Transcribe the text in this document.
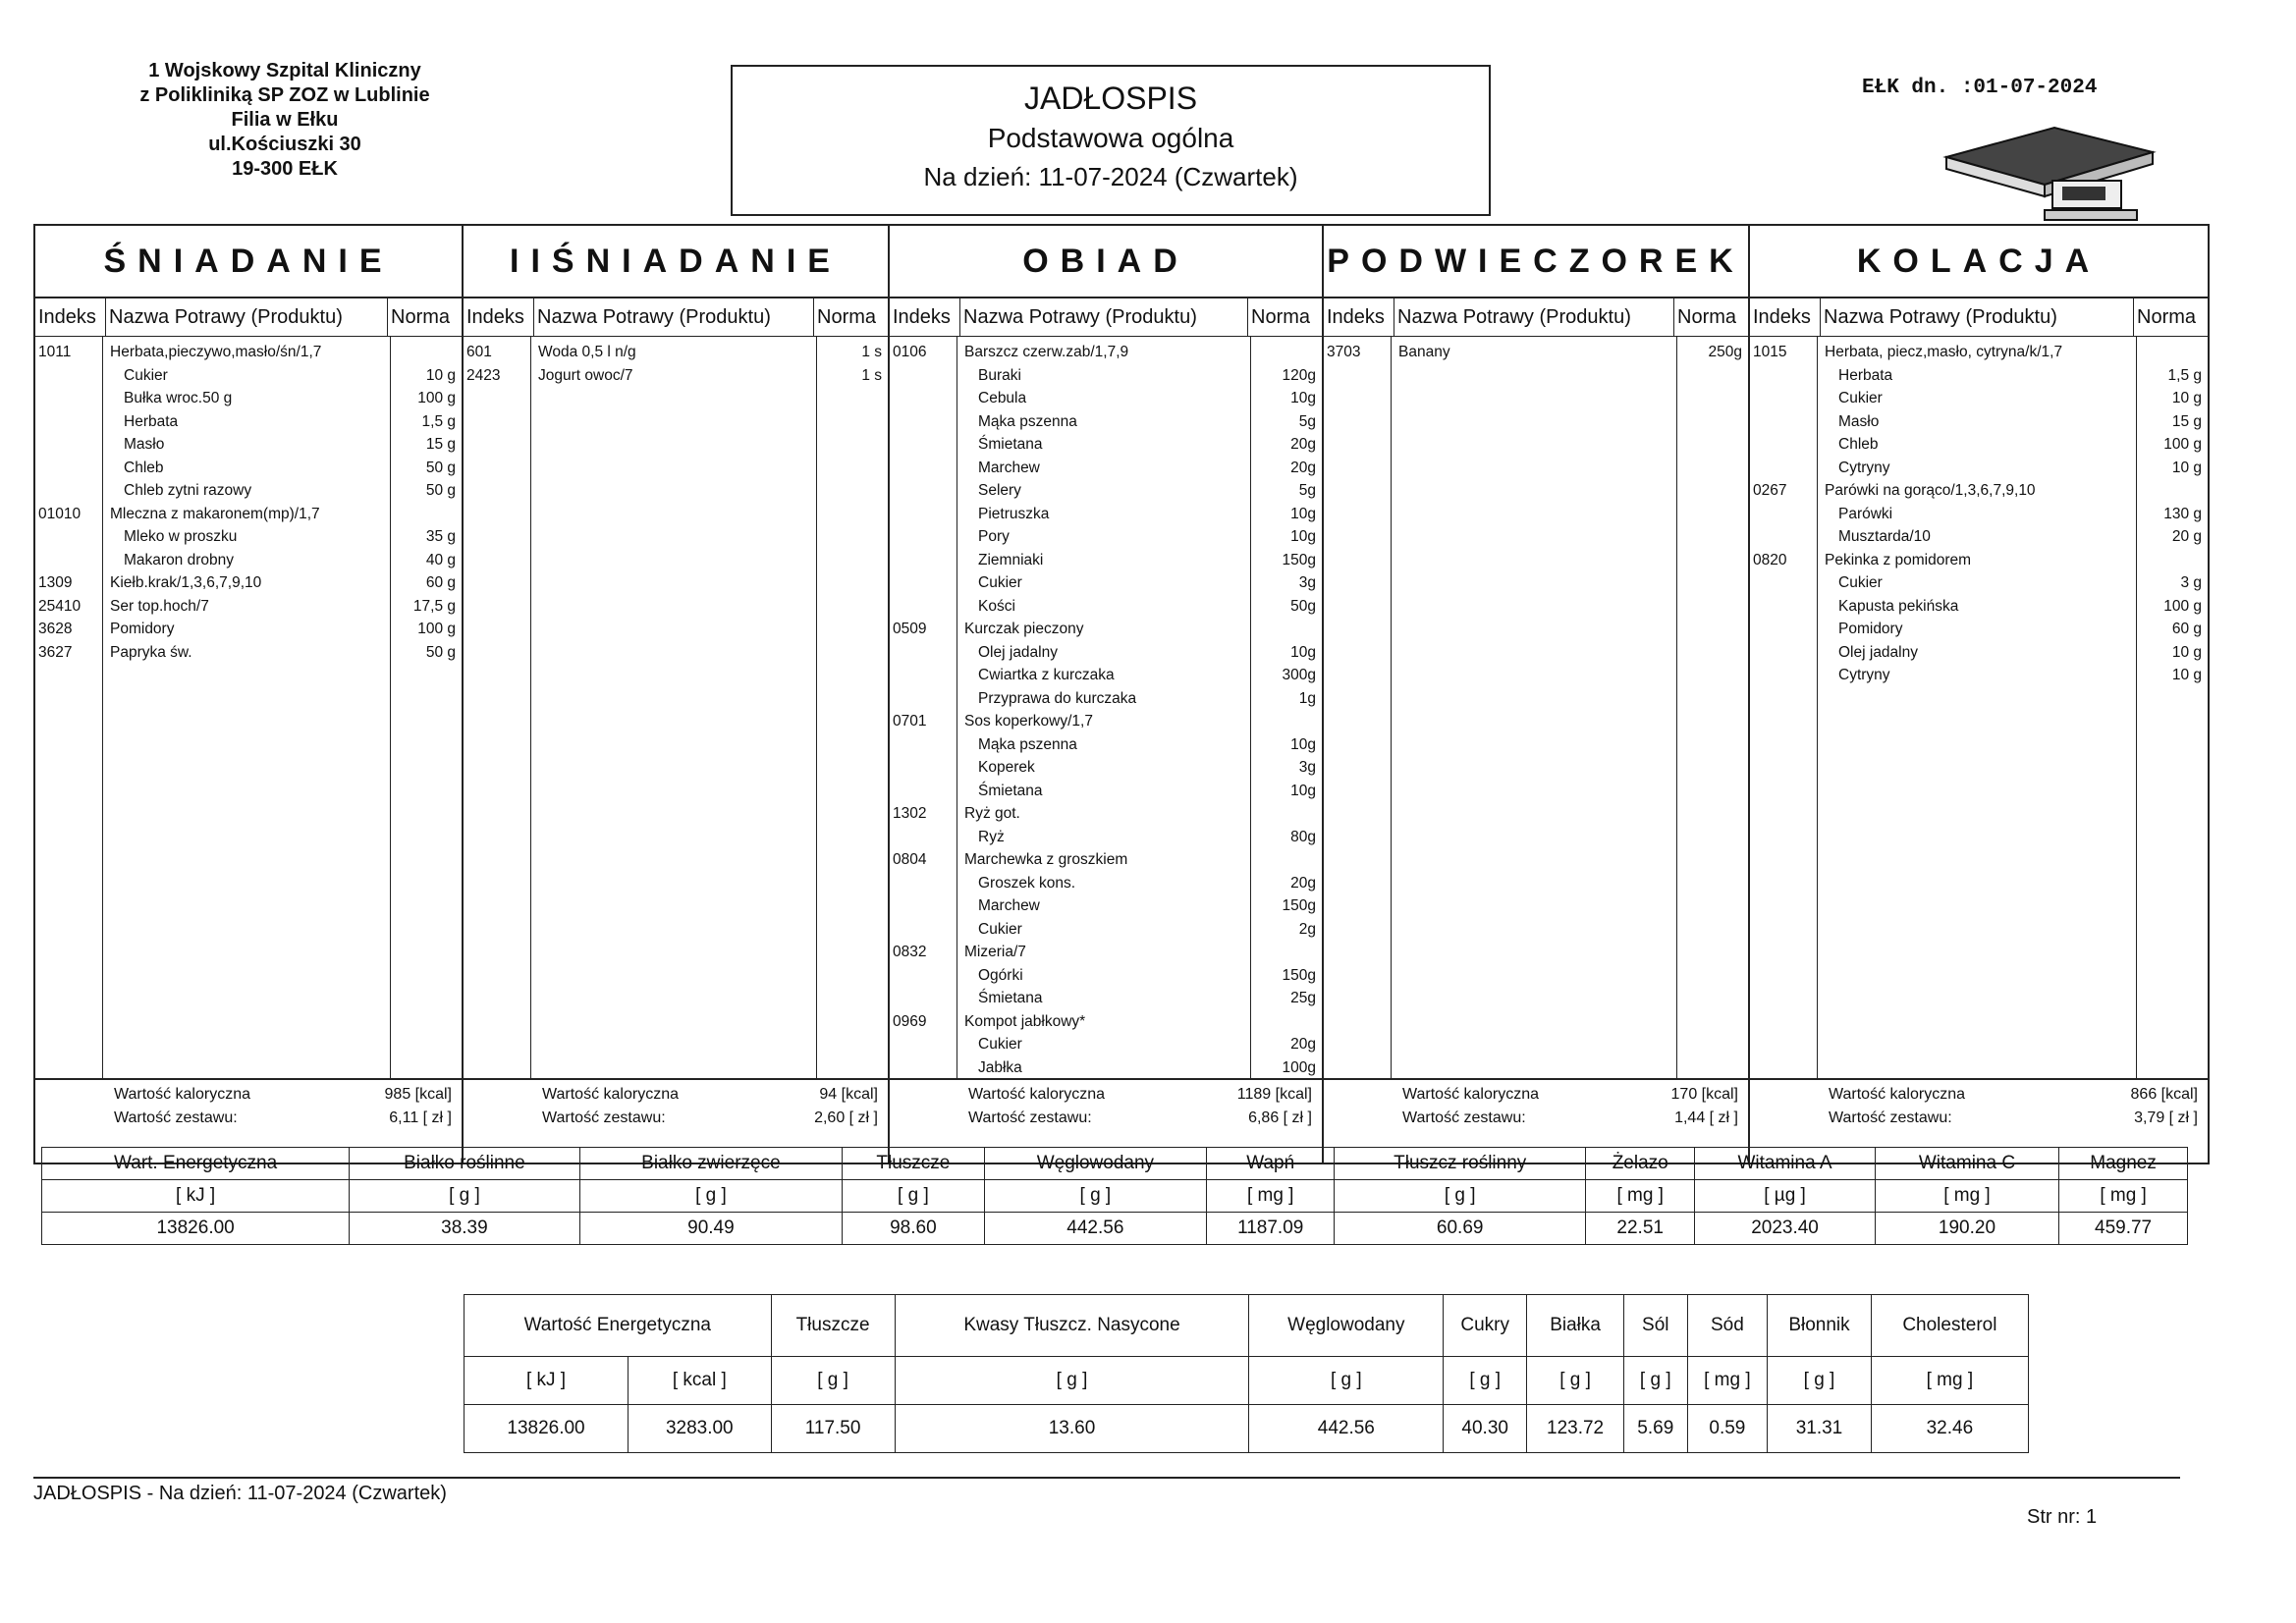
1 Wojskowy Szpital Kliniczny
z Polikliniką SP ZOZ w Lublinie
Filia w Ełku
ul.Kościuszki 30
19-300 EŁK
JADŁOSPIS
Podstawowa ogólna
Na dzień: 11-07-2024 (Czwartek)
EŁK dn. :01-07-2024
ŚNIADANIE
Indeks Nazwa Potrawy (Produktu)	Norma
1011	Herbata,pieczywo,masło/śn/1,7
Cukier	10 g
Bułka wroc.50 g	100 g
Herbata	1,5 g
Masło	15 g
Chleb	50 g
Chleb zytni razowy	50 g
01010	Mleczna z makaronem(mp)/1,7
Mleko w proszku	35 g
Makaron drobny	40 g
1309	Kiełb.krak/1,3,6,7,9,10	60 g
25410	Ser top.hoch/7	17,5 g
3628	Pomidory	100 g
3627	Papryka św.	50 g
Wartość kaloryczna	985 [kcal]
Wartość zestawu:	6,11 [ zł ]
IIŚNIADANIE
Indeks Nazwa Potrawy (Produktu)	Norma
601	Woda 0,5 l n/g	1 s
2423	Jogurt owoc/7	1 s
Wartość kaloryczna	94 [kcal]
Wartość zestawu:	2,60 [ zł ]
OBIAD
Indeks Nazwa Potrawy (Produktu)	Norma
0106	Barszcz czerw.zab/1,7,9
Buraki	120g
Cebula	10g
Mąka pszenna	5g
Śmietana	20g
Marchew	20g
Selery	5g
Pietruszka	10g
Pory	10g
Ziemniaki	150g
Cukier	3g
Kości	50g
0509	Kurczak pieczony
Olej jadalny	10g
Cwiartka z kurczaka	300g
Przyprawa do kurczaka	1g
0701	Sos koperkowy/1,7
Mąka pszenna	10g
Koperek	3g
Śmietana	10g
1302	Ryż got.
Ryż	80g
0804	Marchewka z groszkiem
Groszek kons.	20g
Marchew	150g
Cukier	2g
0832	Mizeria/7
Ogórki	150g
Śmietana	25g
0969	Kompot jabłkowy*
Cukier	20g
Jabłka	100g
Wartość kaloryczna	1189 [kcal]
Wartość zestawu:	6,86 [ zł ]
PODWIECZOREK
Indeks Nazwa Potrawy (Produktu)	Norma
3703	Banany	250g
Wartość kaloryczna	170 [kcal]
Wartość zestawu:	1,44 [ zł ]
KOLACJA
Indeks Nazwa Potrawy (Produktu)	Norma
1015	Herbata, piecz,masło, cytryna/k/1,7
Herbata	1,5 g
Cukier	10 g
Masło	15 g
Chleb	100 g
Cytryny	10 g
0267	Parówki na gorąco/1,3,6,7,9,10
Parówki	130 g
Musztarda/10	20 g
0820	Pekinka z pomidorem
Cukier	3 g
Kapusta pekińska	100 g
Pomidory	60 g
Olej jadalny	10 g
Cytryny	10 g
Wartość kaloryczna	866 [kcal]
Wartość zestawu:	3,79 [ zł ]
Wart. Energetyczna	Białko roślinne	Białko zwierzęce	Tłuszcze	Węglowodany	Wapń	Tłuszcz roślinny	Żelazo	Witamina A	Witamina C	Magnez
[ kJ ]	[ g ]	[ g ]	[ g ]	[ g ]	[ mg ]	[ g ]	[ mg ]	[ µg ]	[ mg ]	[ mg ]
13826.00	38.39	90.49	98.60	442.56	1187.09	60.69	22.51	2023.40	190.20	459.77
Wartość Energetyczna		Tłuszcze	Kwasy Tłuszcz. Nasycone	Węglowodany	Cukry	Białka	Sól	Sód	Błonnik	Cholesterol
[ kJ ]	[ kcal ]	[ g ]	[ g ]	[ g ]	[ g ]	[ g ]	[ g ]	[ mg ]	[ g ]	[ mg ]
13826.00	3283.00	117.50	13.60	442.56	40.30	123.72	5.69	0.59	31.31	32.46
JADŁOSPIS - Na dzień: 11-07-2024 (Czwartek)
Str nr: 1
